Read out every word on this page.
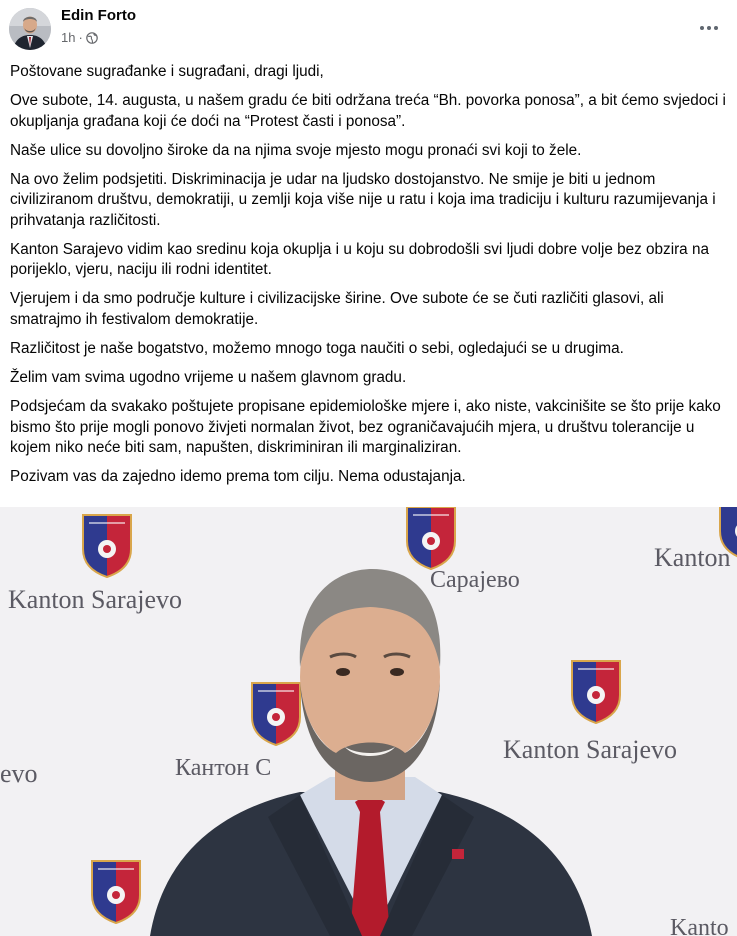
Edin Forto
1h ·

Poštovane sugrađanke i sugrađani, dragi ljudi,

Ove subote, 14. augusta, u našem gradu će biti održana treća “Bh. povorka ponosa”, a bit ćemo svjedoci i okupljanja građana koji će doći na “Protest časti i ponosa”.

Naše ulice su dovoljno široke da na njima svoje mjesto mogu pronaći svi koji to žele.

Na ovo želim podsjetiti. Diskriminacija je udar na ljudsko dostojanstvo. Ne smije je biti u jednom civiliziranom društvu, demokratiji, u zemlji koja više nije u ratu i koja ima tradiciju i kulturu razumijevanja i prihvatanja različitosti.

Kanton Sarajevo vidim kao sredinu koja okuplja i u koju su dobrodošli svi ljudi dobre volje bez obzira na porijeklo, vjeru, naciju ili rodni identitet.

Vjerujem i da smo područje kulture i civilizacijske širine. Ove subote će se čuti različiti glasovi, ali smatrajmo ih festivalom demokratije.

Različitost je naše bogatstvo, možemo mnogo toga naučiti o sebi, ogledajući se u drugima.

Želim vam svima ugodno vrijeme u našem glavnom gradu.

Podsjećam da svakako poštujete propisane epidemiološke mjere i, ako niste, vakcinišite se što prije kako bismo što prije mogli ponovo živjeti normalan život, bez ograničavajućih mjera, u društvu tolerancije u kojem niko neće biti sam, napušten, diskriminiran ili marginaliziran.

Pozivam vas da zajedno idemo prema tom cilju. Nema odustajanja.

Kanton Sarajevo
Сарајево
Kanton
Kanton Sarajevo
Кантон С
evo
Kanto
